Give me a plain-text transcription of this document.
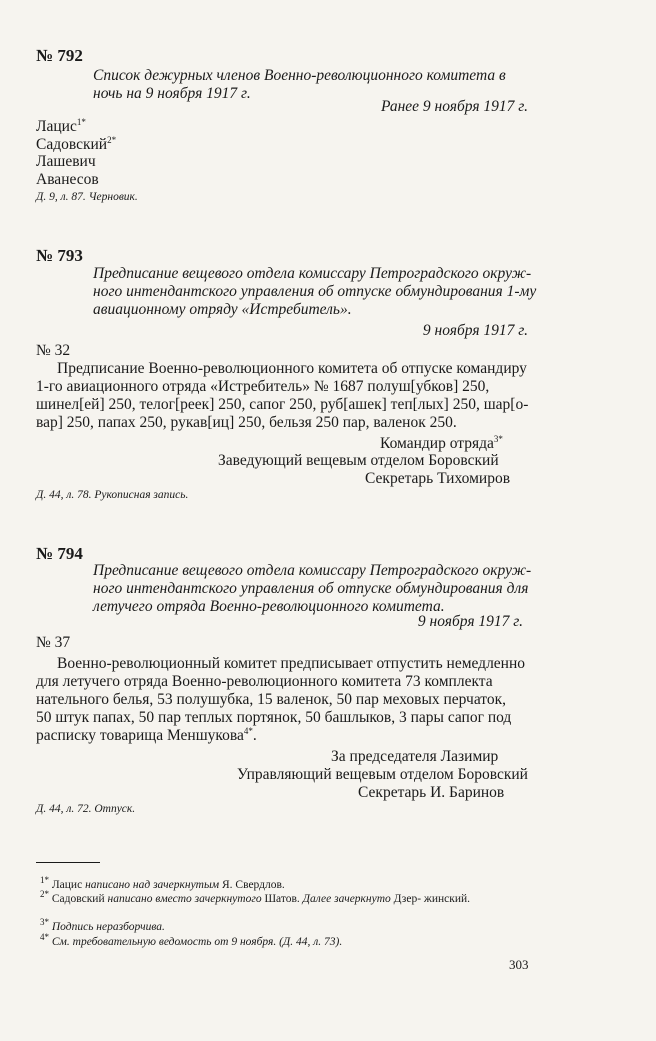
№ 792
Список дежурных членов Военно-революционного комитета в
ночь на 9 ноября 1917 г.
Ранее 9 ноября 1917 г.
Лацис$^{1*}$
Садовский$^{2*}$
Лашевич
Аванесов
Д. 9, л. 87. Черновик.
№ 793
Предписание вещевого отдела комиссару Петроградского окруж-
ного интендантского управления об отпуске обмундирования 1-му
авиационному отряду «Истребитель».
9 ноября 1917 г.
№ 32
Предписание Военно-революционного комитета об отпуске командиру
1-го авиационного отряда «Истребитель» № 1687 полуш[убков] 250,
шинел[ей] 250, телог[реек] 250, сапог 250, руб[ашек] теп[лых] 250, шар[о-
вар] 250, папах 250, рукав[иц] 250, бельзя 250 пар, валенок 250.
Командир отряда$^{3*}$
Заведующий вещевым отделом Боровский
Секретарь Тихомиров
Д. 44, л. 78. Рукописная запись.
№ 794
Предписание вещевого отдела комиссару Петроградского окруж-
ного интендантского управления об отпуске обмундирования для
летучего отряда Военно-революционного комитета.
9 ноября 1917 г.
№ 37
Военно-революционный комитет предписывает отпустить немедленно
для летучего отряда Военно-революционного комитета 73 комплекта
нательного белья, 53 полушубка, 15 валенок, 50 пар меховых перчаток,
50 штук папах, 50 пар теплых портянок, 50 башлыков, 3 пары сапог под
расписку товарища Меншукова$^{4*}$.
За председателя Лазимир
Управляющий вещевым отделом Боровский
Секретарь И. Баринов
Д. 44, л. 72. Отпуск.
$^{1*}$ Лацис написано над зачеркнутым Я. Свердлов.
$^{2*}$ Садовский написано вместо зачеркнутого Шатов. Далее зачеркнуто Дзер- жинский.
$^{3*}$ Подпись неразборчива.
$^{4*}$ См. требовательную ведомость от 9 ноября. (Д. 44, л. 73).
303
